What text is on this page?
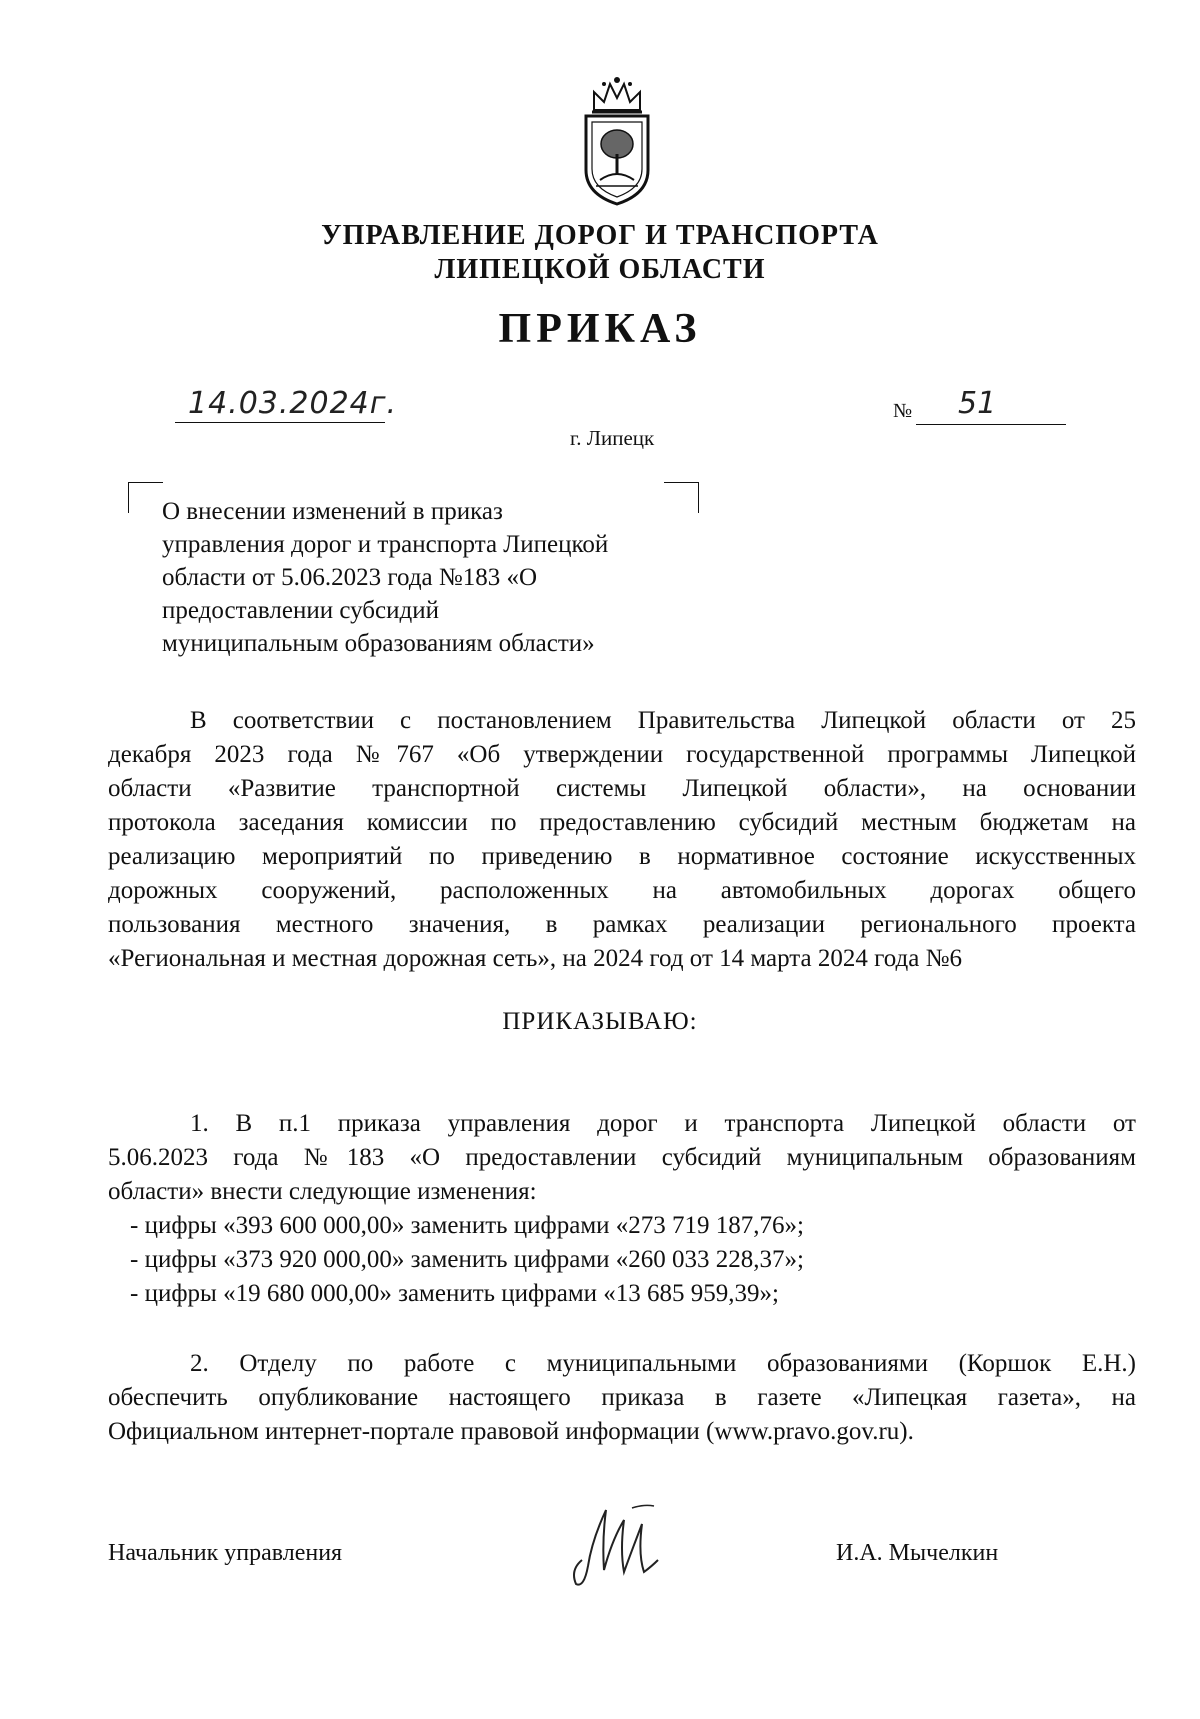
УПРАВЛЕНИЕ ДОРОГ И ТРАНСПОРТА
ЛИПЕЦКОЙ ОБЛАСТИ
ПРИКАЗ
14.03.2024г.	№ 51
г. Липецк
О внесении изменений в приказ
управления дорог и транспорта Липецкой
области от 5.06.2023 года №183 «О
предоставлении субсидий
муниципальным образованиям области»
В соответствии с постановлением Правительства Липецкой области от 25
декабря 2023 года №767 «Об утверждении государственной программы Липецкой
области «Развитие транспортной системы Липецкой области», на основании
протокола заседания комиссии по предоставлению субсидий местным бюджетам на
реализацию мероприятий по приведению в нормативное состояние искусственных
дорожных сооружений, расположенных на автомобильных дорогах общего
пользования местного значения, в рамках реализации регионального проекта
«Региональная и местная дорожная сеть», на 2024 год от 14 марта 2024 года №6
ПРИКАЗЫВАЮ:
1. В п.1 приказа управления дорог и транспорта Липецкой области от
5.06.2023 года №183 «О предоставлении субсидий муниципальным образованиям
области» внести следующие изменения:
- цифры «393 600 000,00» заменить цифрами «273 719 187,76»;
- цифры «373 920 000,00» заменить цифрами «260 033 228,37»;
- цифры «19 680 000,00» заменить цифрами «13 685 959,39»;
2. Отделу по работе с муниципальными образованиями (Коршок Е.Н.)
обеспечить опубликование настоящего приказа в газете «Липецкая газета», на
Официальном интернет-портале правовой информации (www.pravo.gov.ru).
Начальник управления	И.А. Мычелкин
